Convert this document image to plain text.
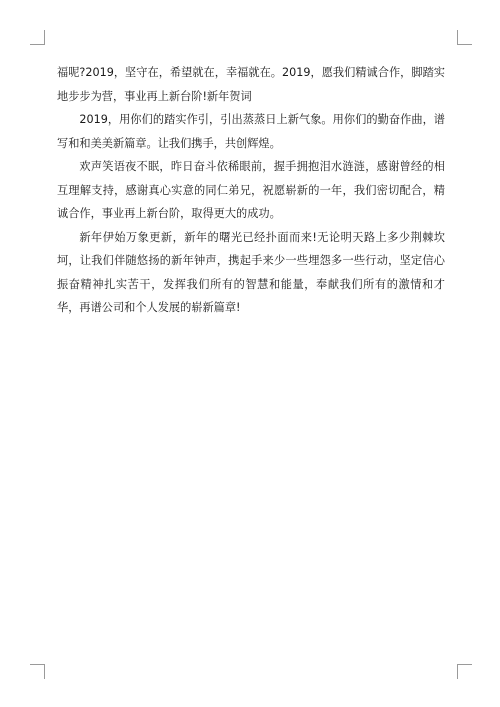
福呢?2019，坚守在，希望就在，幸福就在。2019，愿我们精诚合作，脚踏实地步步为营，事业再上新台阶!新年贺词

2019，用你们的踏实作引，引出蒸蒸日上新气象。用你们的勤奋作曲，谱写和和美美新篇章。让我们携手，共创辉煌。

欢声笑语夜不眠，昨日奋斗依稀眼前，握手拥抱泪水涟涟，感谢曾经的相互理解支持，感谢真心实意的同仁弟兄，祝愿崭新的一年，我们密切配合，精诚合作，事业再上新台阶，取得更大的成功。

新年伊始万象更新，新年的曙光已经扑面而来!无论明天路上多少荆棘坎坷，让我们伴随悠扬的新年钟声，携起手来少一些埋怨多一些行动，坚定信心振奋精神扎实苦干，发挥我们所有的智慧和能量，奉献我们所有的激情和才华，再谱公司和个人发展的崭新篇章!
